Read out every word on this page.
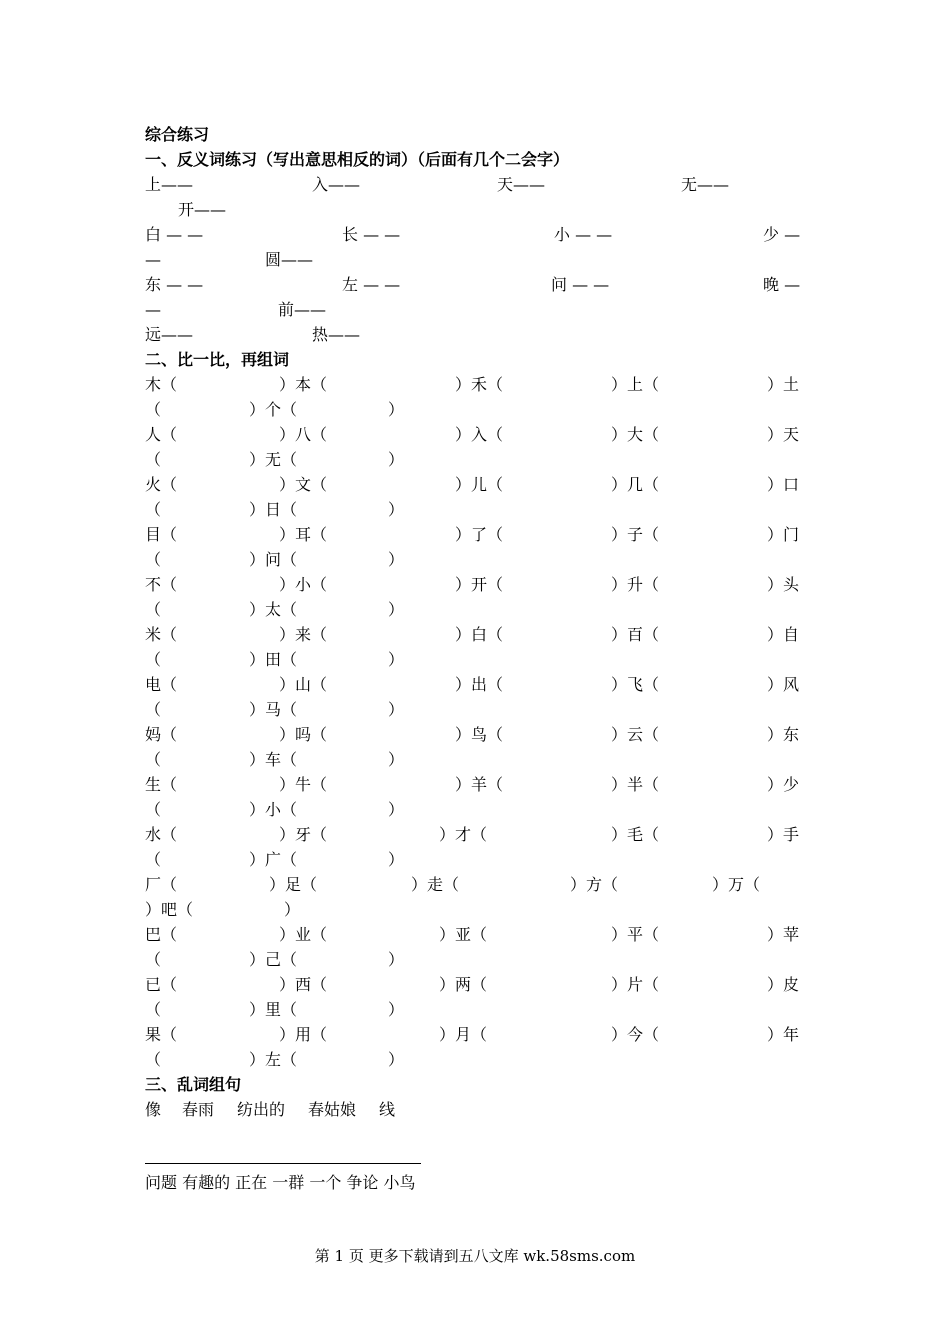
综合练习
一、反义词练习（写出意思相反的词）（后面有几个二会字）
上——	入——	天——	无——
开——
白 — —	长 — —	小 — —	少 —
—	圆——
东 — —	左 — —	问 — —	晚 —
—	前——
远——	热——
二、比一比，再组词
木（	）本（	）禾（	）上（	）土
（	）个（	）
人（	）八（	）入（	）大（	）天
（	）无（	）
火（	）文（	）儿（	）几（	）口
（	）日（	）
目（	）耳（	）了（	）子（	）门
（	）问（	）
不（	）小（	）开（	）升（	）头
（	）太（	）
米（	）来（	）白（	）百（	）自
（	）田（	）
电（	）山（	）出（	）飞（	）风
（	）马（	）
妈（	）吗（	）鸟（	）云（	）东
（	）车（	）
生（	）牛（	）羊（	）半（	）少
（	）小（	）
水（	）牙（	）才（	）毛（	）手
（	）广（	）
厂（	）足（	）走（	）方（	）万（
）吧（	）
巴（	）业（	）亚（	）平（	）苹
（	）己（	）
已（	）西（	）两（	）片（	）皮
（	）里（	）
果（	）用（	）月（	）今（	）年
（	）左（	）
三、乱词组句
像 春雨 纺出的 春姑娘 线
问题 有趣的 正在 一群 一个 争论 小鸟
第 1 页 更多下载请到五八文库 wk.58sms.com
